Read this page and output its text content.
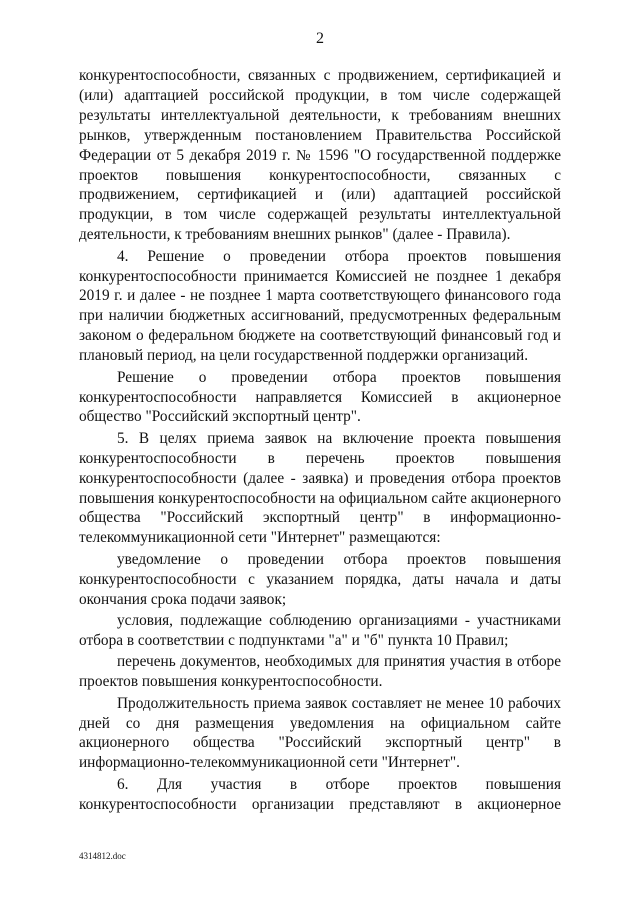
2

конкурентоспособности, связанных с продвижением, сертификацией и (или) адаптацией российской продукции, в том числе содержащей результаты интеллектуальной деятельности, к требованиям внешних рынков, утвержденным постановлением Правительства Российской Федерации от 5 декабря 2019 г. № 1596 "О государственной поддержке проектов повышения конкурентоспособности, связанных с продвижением, сертификацией и (или) адаптацией российской продукции, в том числе содержащей результаты интеллектуальной деятельности, к требованиям внешних рынков" (далее - Правила).

4. Решение о проведении отбора проектов повышения конкурентоспособности принимается Комиссией не позднее 1 декабря 2019 г. и далее - не позднее 1 марта соответствующего финансового года при наличии бюджетных ассигнований, предусмотренных федеральным законом о федеральном бюджете на соответствующий финансовый год и плановый период, на цели государственной поддержки организаций.

Решение о проведении отбора проектов повышения конкурентоспособности направляется Комиссией в акционерное общество "Российский экспортный центр".

5. В целях приема заявок на включение проекта повышения конкурентоспособности в перечень проектов повышения конкурентоспособности (далее - заявка) и проведения отбора проектов повышения конкурентоспособности на официальном сайте акционерного общества "Российский экспортный центр" в информационно-телекоммуникационной сети "Интернет" размещаются:

уведомление о проведении отбора проектов повышения конкурентоспособности с указанием порядка, даты начала и даты окончания срока подачи заявок;

условия, подлежащие соблюдению организациями - участниками отбора в соответствии с подпунктами "а" и "б" пункта 10 Правил;

перечень документов, необходимых для принятия участия в отборе проектов повышения конкурентоспособности.

Продолжительность приема заявок составляет не менее 10 рабочих дней со дня размещения уведомления на официальном сайте акционерного общества "Российский экспортный центр" в информационно-телекоммуникационной сети "Интернет".

6. Для участия в отборе проектов повышения конкурентоспособности организации представляют в акционерное

4314812.doc
